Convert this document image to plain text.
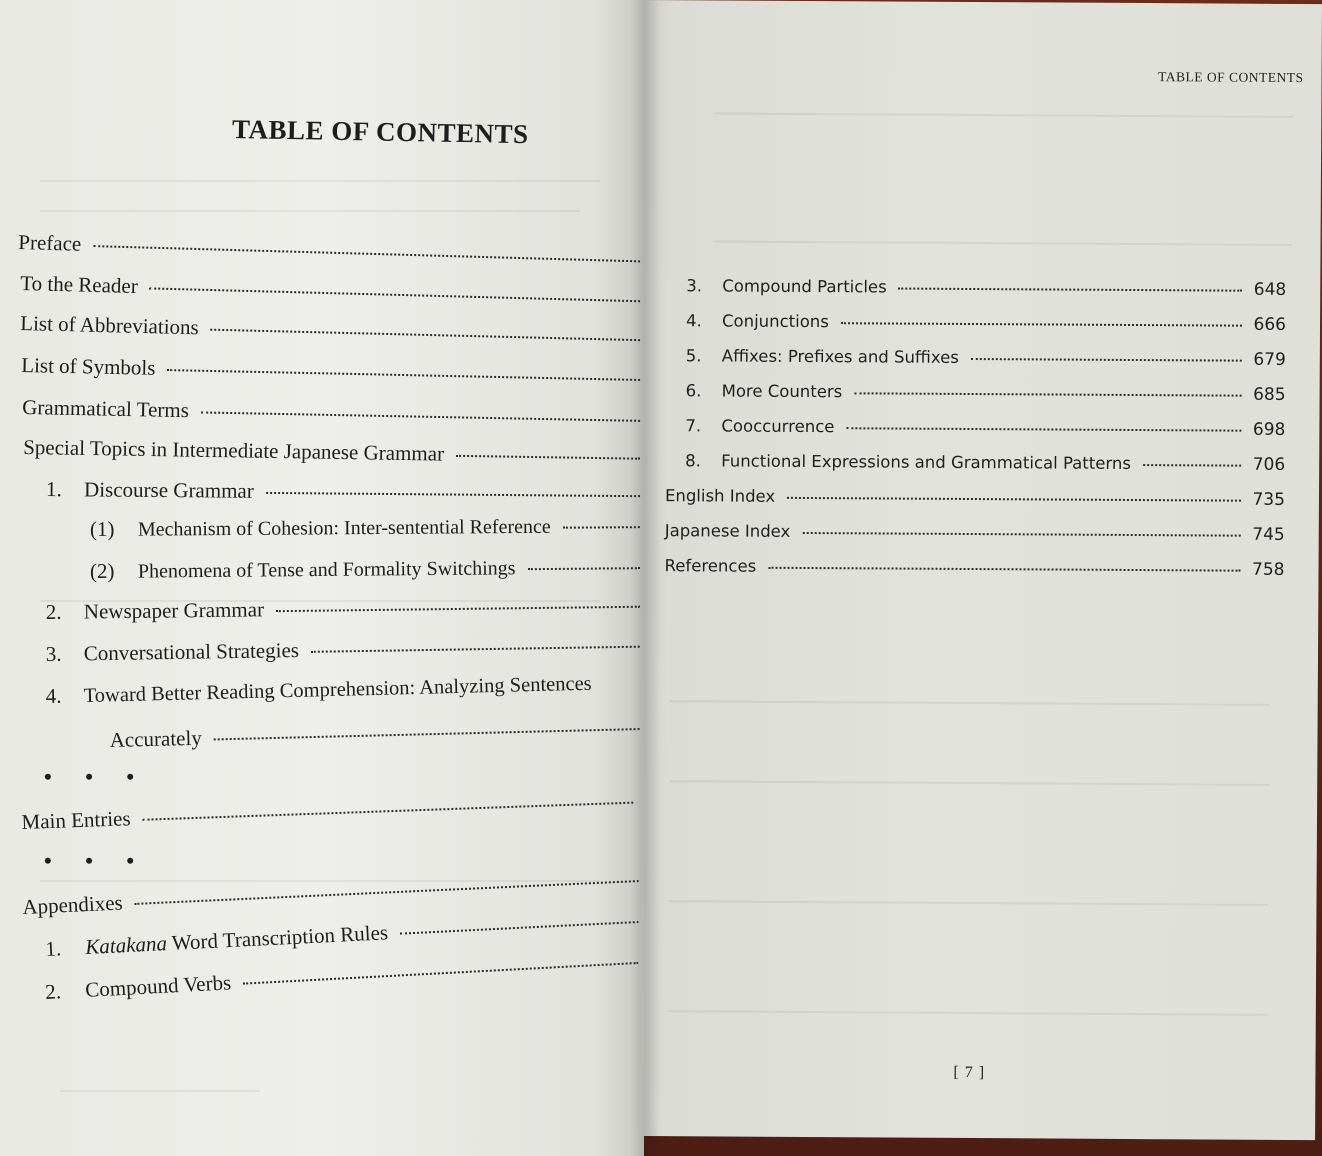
TABLE OF CONTENTS
Preface
To the Reader
List of Abbreviations
List of Symbols
Grammatical Terms
Special Topics in Intermediate Japanese Grammar
1.	Discourse Grammar
(1)	Mechanism of Cohesion: Inter-sentential Reference
(2)	Phenomena of Tense and Formality Switchings
2.	Newspaper Grammar
3.	Conversational Strategies
4.	Toward Better Reading Comprehension: Analyzing Sentences
Accurately
• • •
Main Entries
• • •
Appendixes
1.	Katakana Word Transcription Rules
2.	Compound Verbs
TABLE OF CONTENTS
3.	Compound Particles	648
4.	Conjunctions	666
5.	Affixes: Prefixes and Suffixes	679
6.	More Counters	685
7.	Cooccurrence	698
8.	Functional Expressions and Grammatical Patterns	706
English Index	735
Japanese Index	745
References	758
[ 7 ]
